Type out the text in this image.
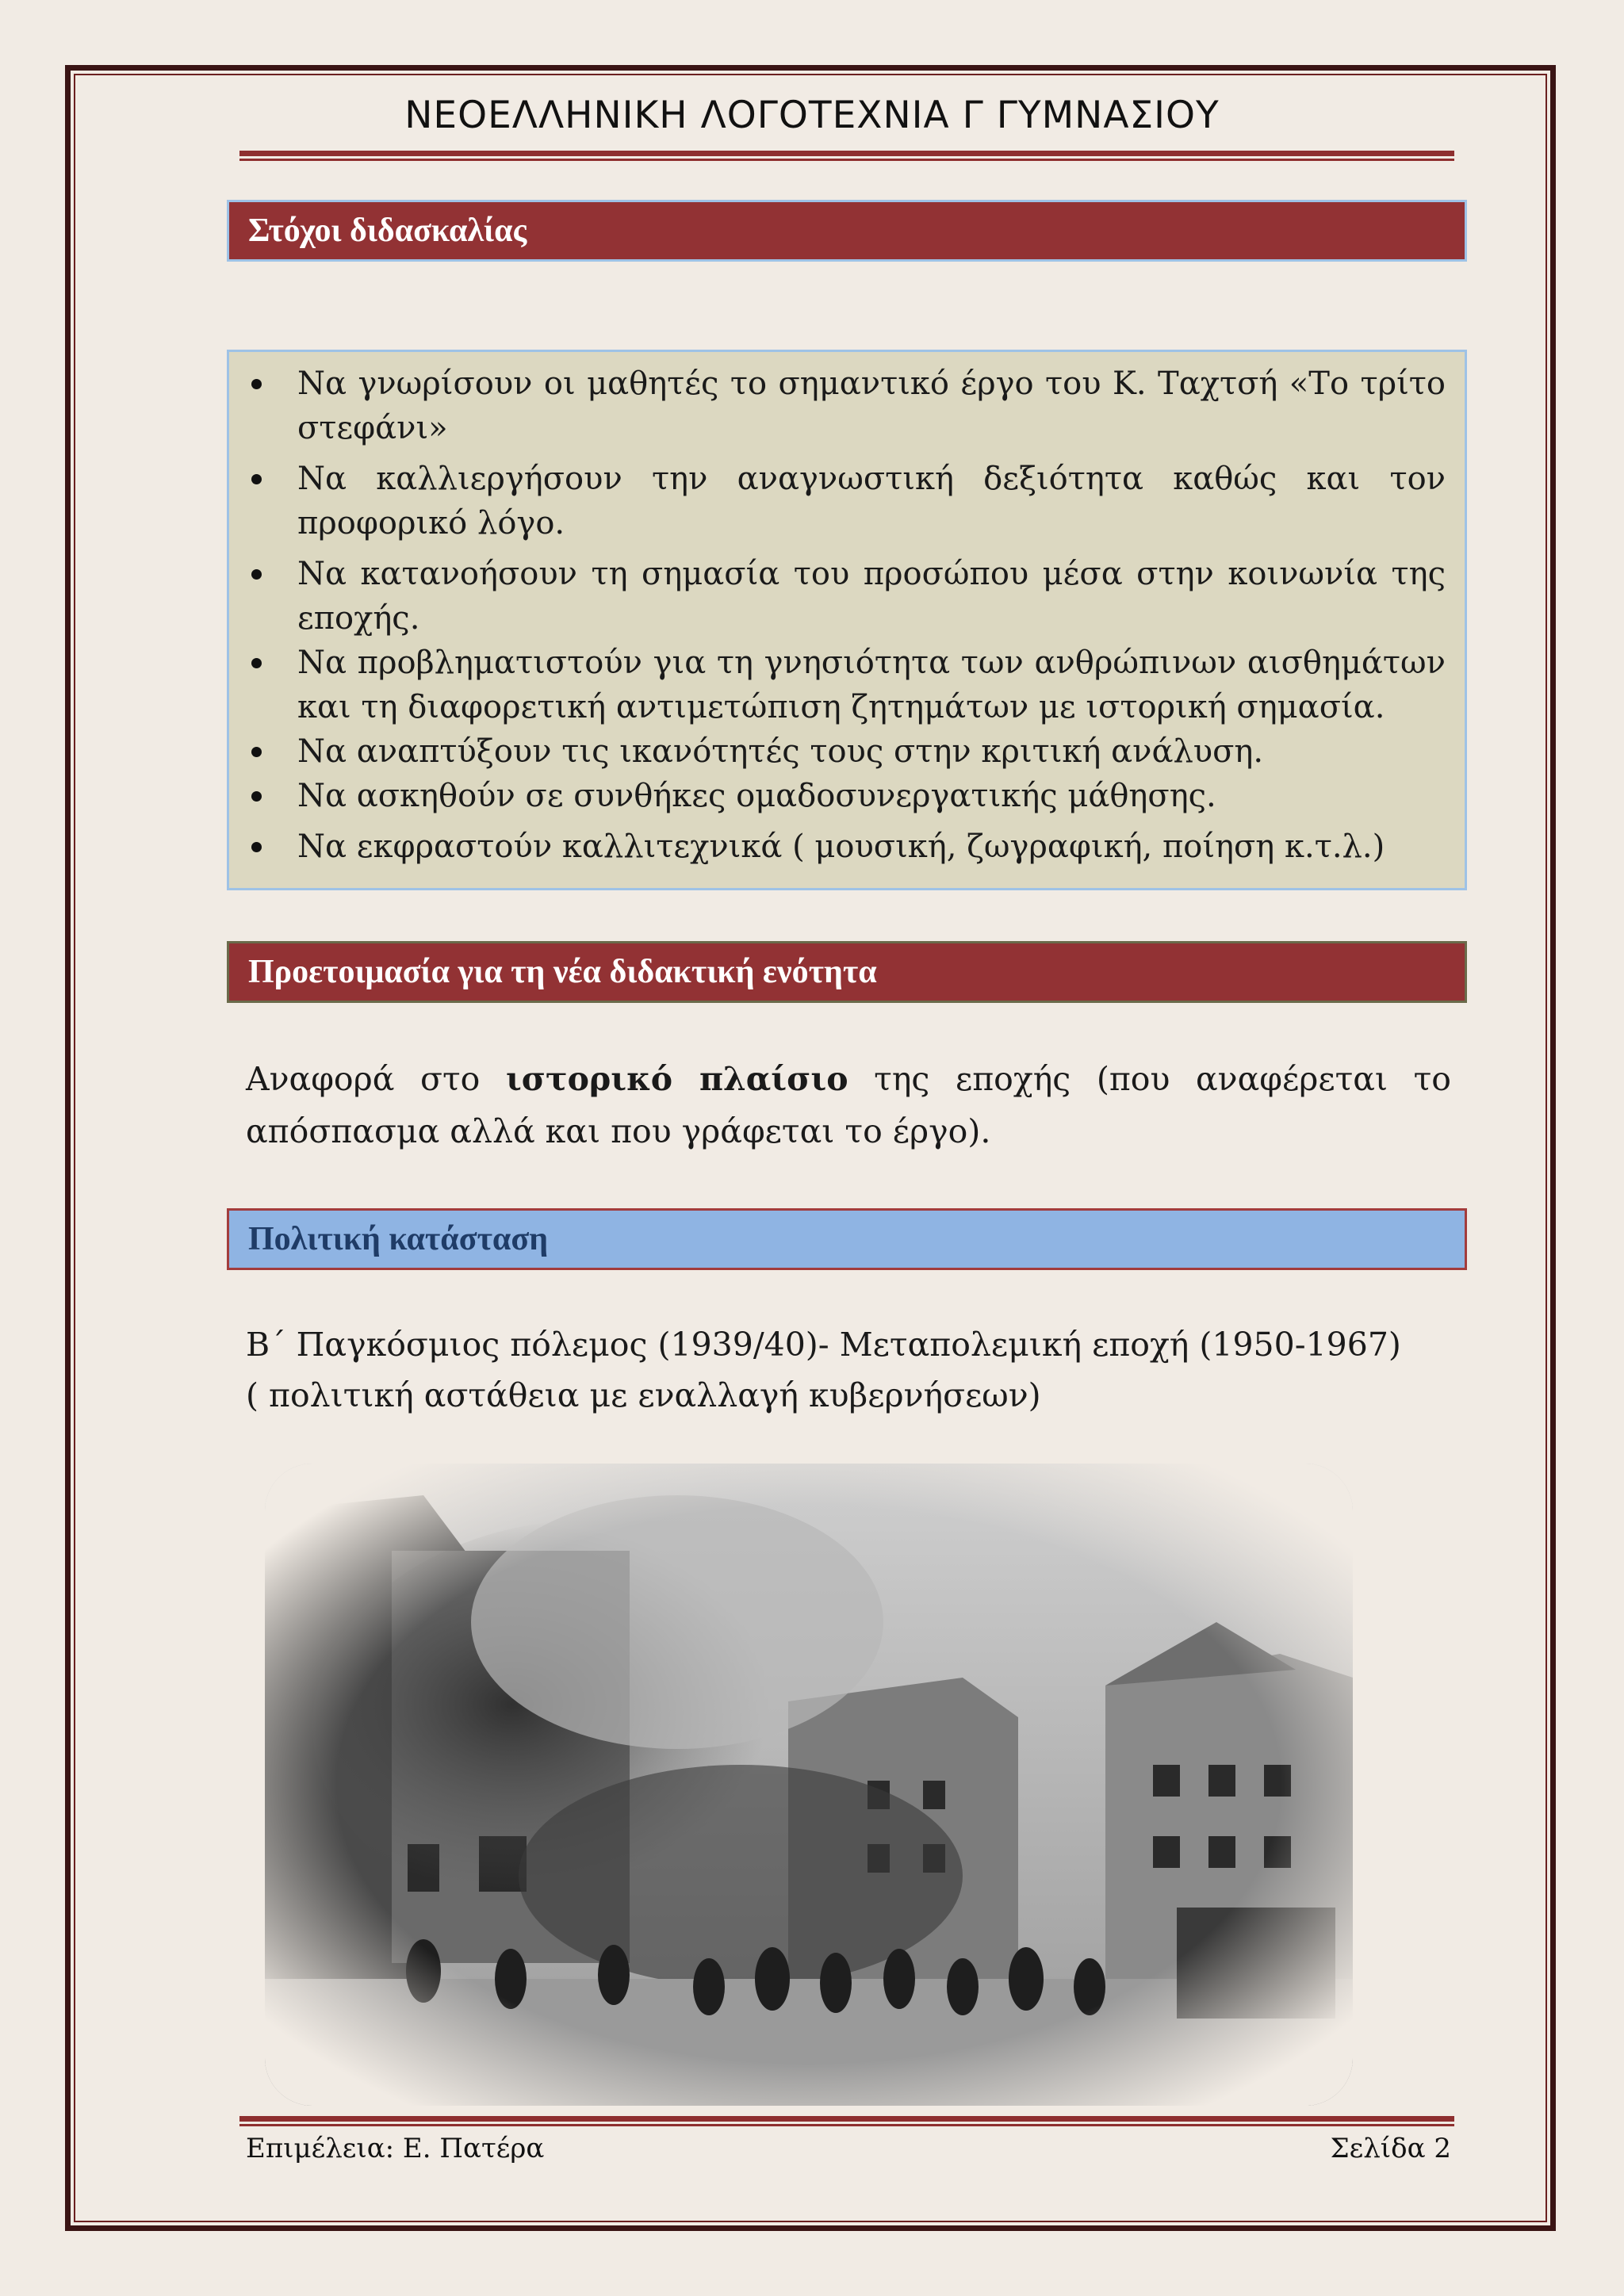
ΝΕΟΕΛΛΗΝΙΚΗ ΛΟΓΟΤΕΧΝΙΑ Γ ΓΥΜΝΑΣΙΟΥ
Στόχοι διδασκαλίας
Να γνωρίσουν οι μαθητές το σημαντικό έργο του Κ. Ταχτσή «Το τρίτο στεφάνι»
Να καλλιεργήσουν την αναγνωστική δεξιότητα καθώς και τον προφορικό λόγο.
Να κατανοήσουν τη σημασία του προσώπου μέσα στην κοινωνία της εποχής.
Να προβληματιστούν για τη γνησιότητα των ανθρώπινων αισθημάτων και τη διαφορετική αντιμετώπιση ζητημάτων με ιστορική σημασία.
Να αναπτύξουν τις ικανότητές τους στην κριτική ανάλυση.
Να ασκηθούν σε συνθήκες ομαδοσυνεργατικής μάθησης.
Να εκφραστούν καλλιτεχνικά ( μουσική, ζωγραφική, ποίηση κ.τ.λ.)
Προετοιμασία για τη νέα διδακτική ενότητα
Αναφορά στο ιστορικό πλαίσιο της εποχής (που αναφέρεται το απόσπασμα αλλά και που γράφεται το έργο).
Πολιτική κατάσταση
Β΄ Παγκόσμιος πόλεμος (1939/40)- Μεταπολεμική εποχή (1950-1967)
( πολιτική αστάθεια με εναλλαγή κυβερνήσεων)
Επιμέλεια: Ε. Πατέρα	Σελίδα 2
